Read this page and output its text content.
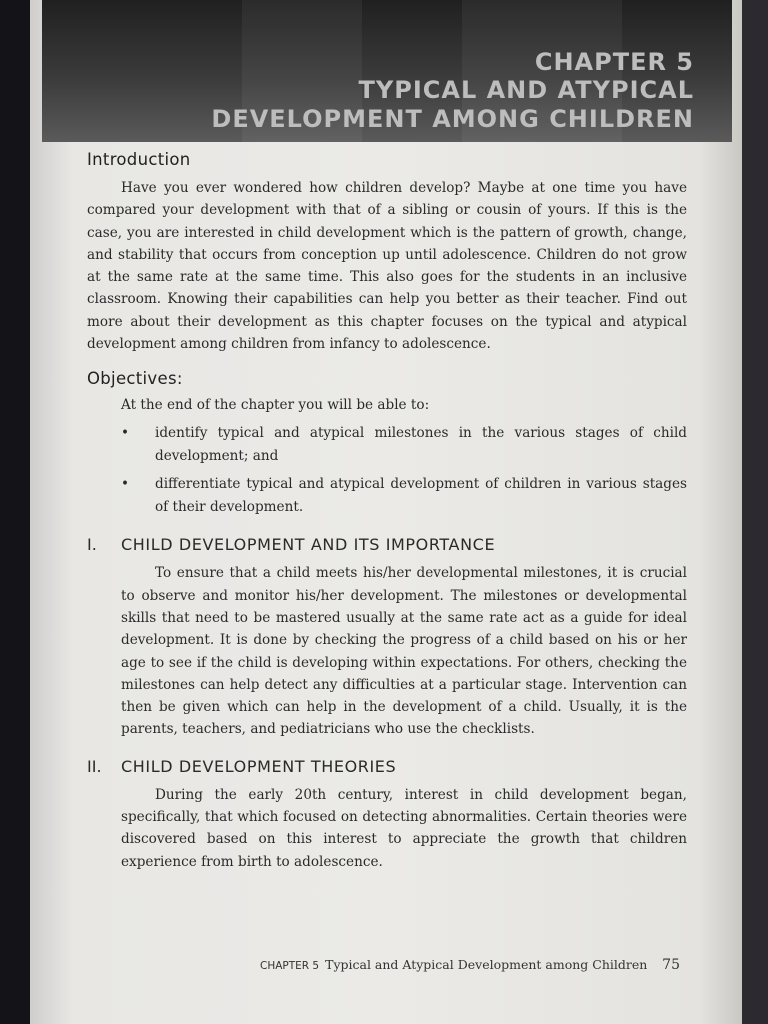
CHAPTER 5
TYPICAL AND ATYPICAL
DEVELOPMENT AMONG CHILDREN
Introduction

Have you ever wondered how children develop? Maybe at one time you have compared your development with that of a sibling or cousin of yours. If this is the case, you are interested in child development which is the pattern of growth, change, and stability that occurs from conception up until adolescence. Children do not grow at the same rate at the same time. This also goes for the students in an inclusive classroom. Knowing their capabilities can help you better as their teacher. Find out more about their development as this chapter focuses on the typical and atypical development among children from infancy to adolescence.

Objectives:
At the end of the chapter you will be able to:
• identify typical and atypical milestones in the various stages of child development; and
• differentiate typical and atypical development of children in various stages of their development.
I.	CHILD DEVELOPMENT AND ITS IMPORTANCE

To ensure that a child meets his/her developmental milestones, it is crucial to observe and monitor his/her development. The milestones or developmental skills that need to be mastered usually at the same rate act as a guide for ideal development. It is done by checking the progress of a child based on his or her age to see if the child is developing within expectations. For others, checking the milestones can help detect any difficulties at a particular stage. Intervention can then be given which can help in the development of a child. Usually, it is the parents, teachers, and pediatricians who use the checklists.

II.	CHILD DEVELOPMENT THEORIES

During the early 20th century, interest in child development began, specifically, that which focused on detecting abnormalities. Certain theories were discovered based on this interest to appreciate the growth that children experience from birth to adolescence.

CHAPTER 5 Typical and Atypical Development among Children 75
